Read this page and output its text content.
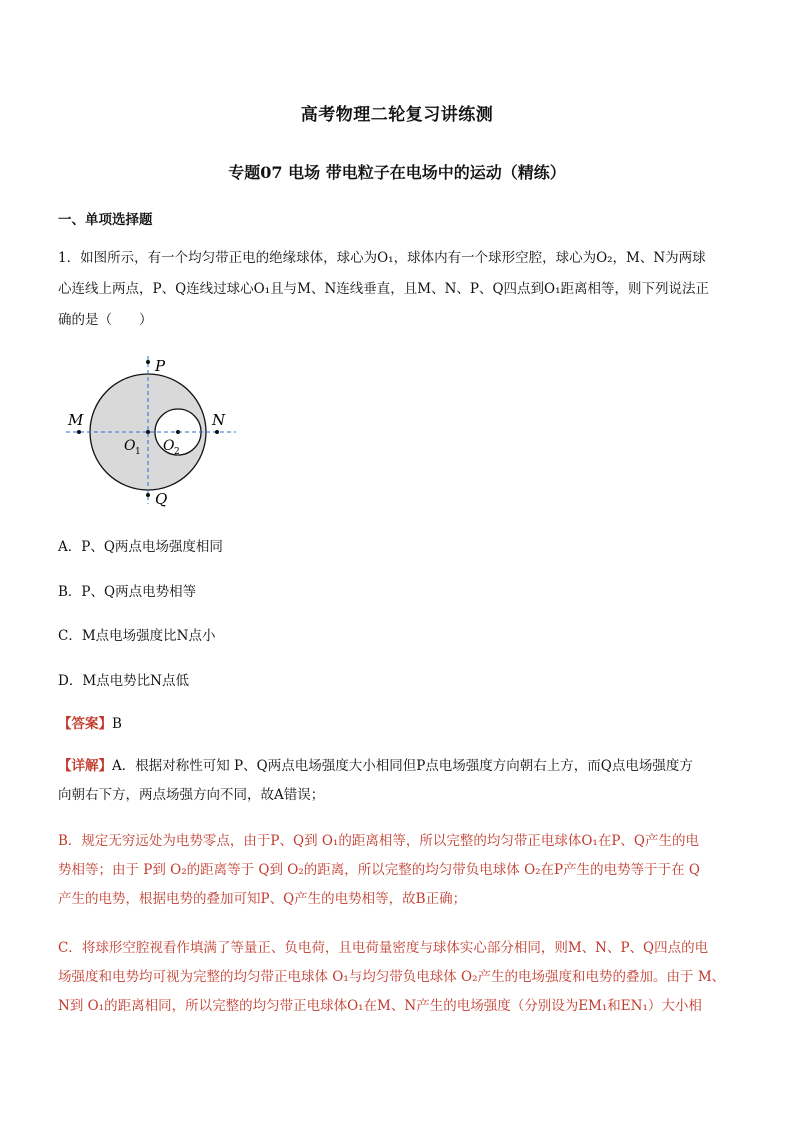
高考物理二轮复习讲练测
专题07 电场 带电粒子在电场中的运动（精练）
一、单项选择题
1．如图所示，有一个均匀带正电的绝缘球体，球心为O₁，球体内有一个球形空腔，球心为O₂，M、N为两球
心连线上两点，P、Q连线过球心O₁且与M、N连线垂直，且M、N、P、Q四点到O₁距离相等，则下列说法正
确的是（　　）
P
Q
M	N
O 1 O 2
A．P、Q两点电场强度相同
B．P、Q两点电势相等
C．M点电场强度比N点小
D．M点电势比N点低
【答案】B
【详解】A．根据对称性可知 P、Q两点电场强度大小相同但P点电场强度方向朝右上方，而Q点电场强度方
向朝右下方，两点场强方向不同，故A错误；
B．规定无穷远处为电势零点，由于P、Q到 O₁的距离相等，所以完整的均匀带正电球体O₁在P、Q产生的电
势相等；由于 P到 O₂的距离等于 Q到 O₂的距离，所以完整的均匀带负电球体 O₂在P产生的电势等于于在 Q
产生的电势，根据电势的叠加可知P、Q产生的电势相等，故B正确；
C．将球形空腔视看作填满了等量正、负电荷，且电荷量密度与球体实心部分相同，则M、N、P、Q四点的电
场强度和电势均可视为完整的均匀带正电球体 O₁与均匀带负电球体 O₂产生的电场强度和电势的叠加。由于 M、
N到 O₁的距离相同，所以完整的均匀带正电球体O₁在M、N产生的电场强度（分别设为EM₁和EN₁）大小相
